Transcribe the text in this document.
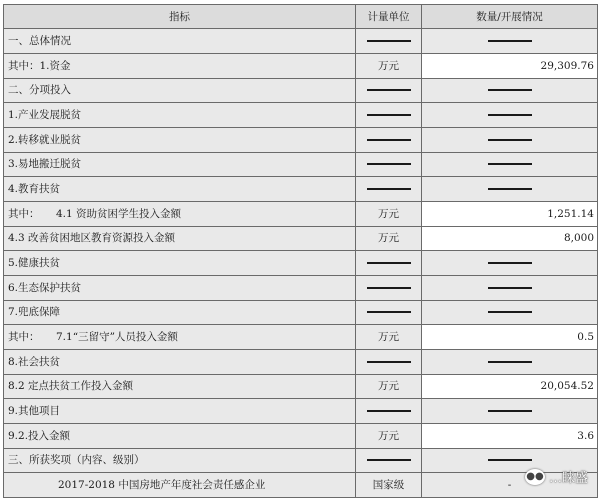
指标	计量单位	数量/开展情况
一、总体情况		
其中：1.资金	万元	29,309.76
二、分项投入		
1.产业发展脱贫		
2.转移就业脱贫		
3.易地搬迁脱贫		
4.教育扶贫		
其中： 4.1 资助贫困学生投入金额	万元	1,251.14
4.3 改善贫困地区教育资源投入金额	万元	8,000
5.健康扶贫		
6.生态保护扶贫		
7.兜底保障		
其中： 7.1“三留守”人员投入金额	万元	0.5
8.社会扶贫		
8.2 定点扶贫工作投入金额	万元	20,054.52
9.其他项目		
9.2.投入金额	万元	3.6
三、所获奖项（内容、级别）		
2017-2018 中国房地产年度社会责任感企业	国家级	-
●● …睐盛
